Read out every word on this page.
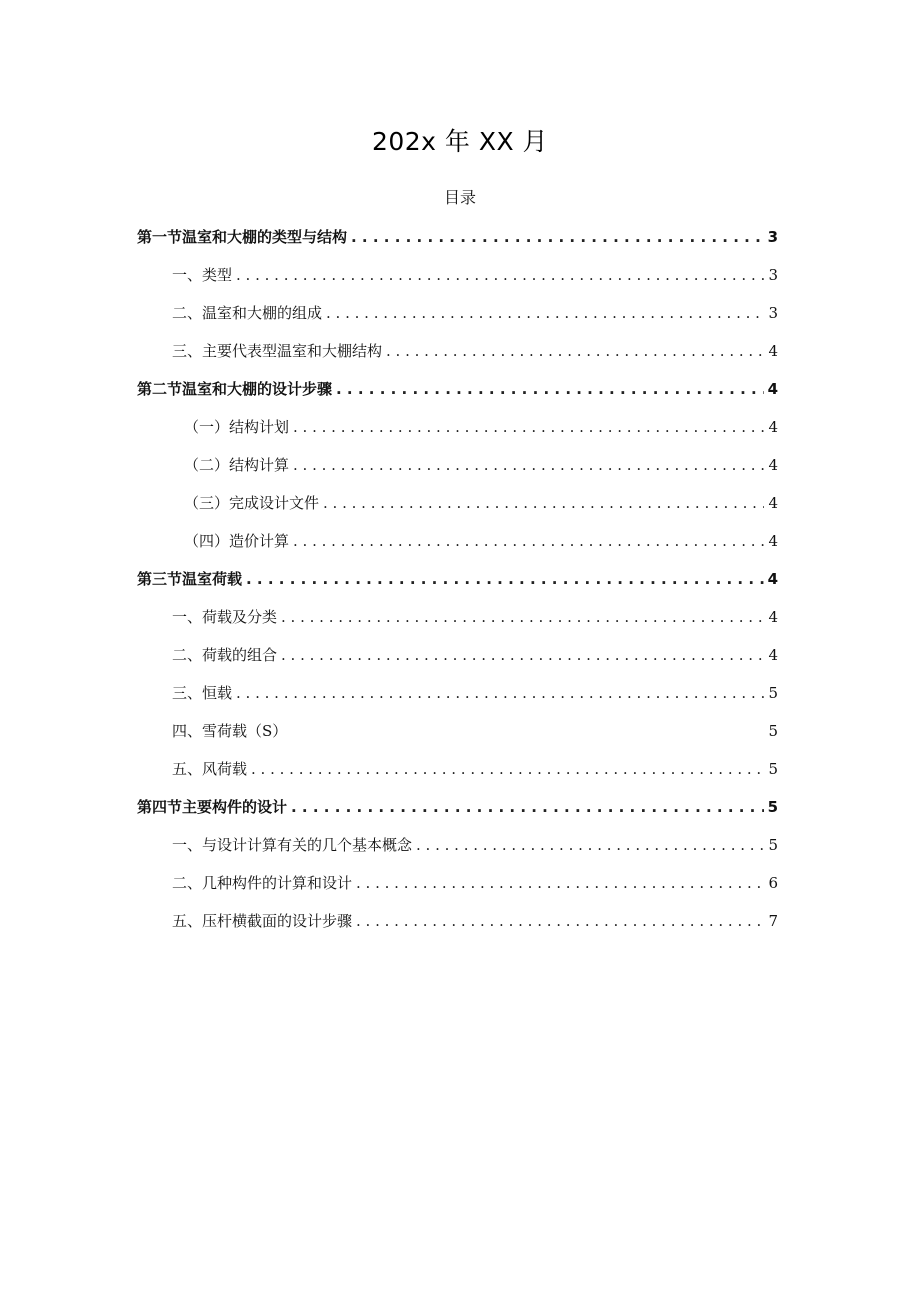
202x 年 XX 月
目录
第一节温室和大棚的类型与结构 . . .	3
一、类型 . . .	3
二、温室和大棚的组成 . . .	3
三、主要代表型温室和大棚结构 . . .	4
第二节温室和大棚的设计步骤 . . .	4
（一）结构计划 . . .	4
（二）结构计算 . . .	4
（三）完成设计文件 . . .	4
（四）造价计算 . . .	4
第三节温室荷载 . . .	4
一、荷载及分类 . . .	4
二、荷载的组合 . . .	4
三、恒载 . . .	5
四、雪荷载（S）	5
五、风荷载 . . .	5
第四节主要构件的设计 . . .	5
一、与设计计算有关的几个基本概念 . . .	5
二、几种构件的计算和设计 . . .	6
五、压杆横截面的设计步骤 . . .	7
